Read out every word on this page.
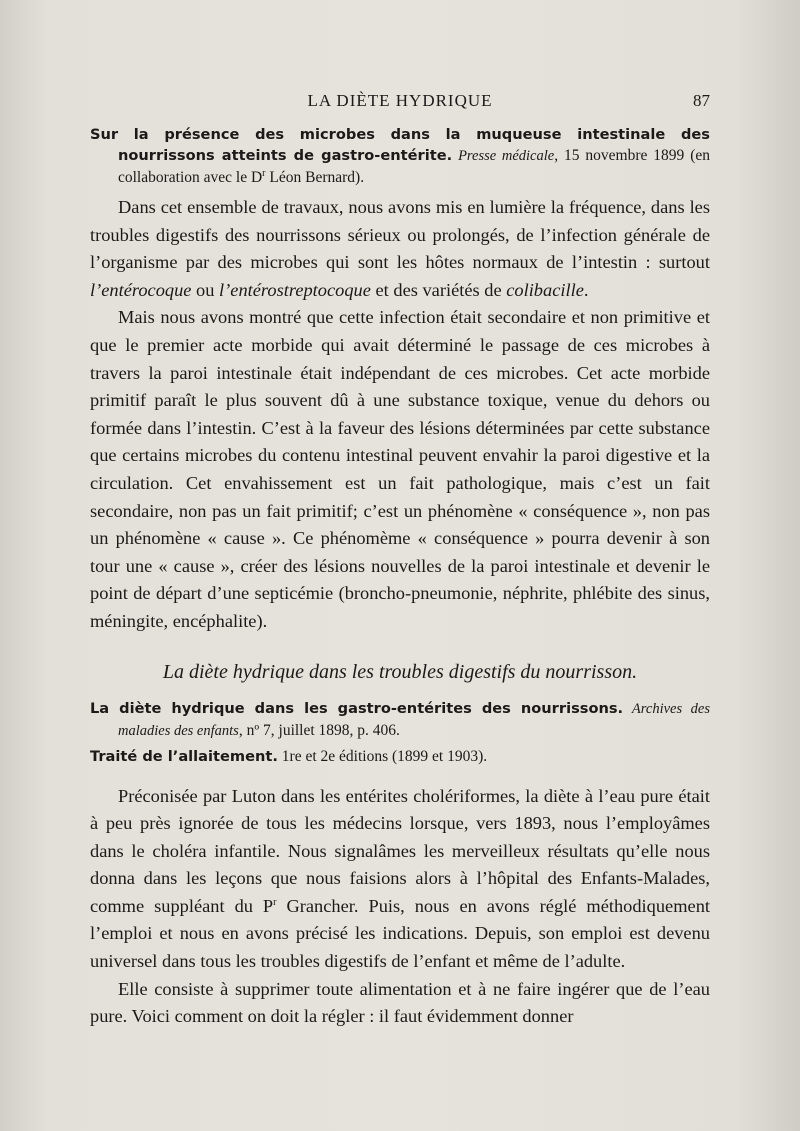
LA DIÈTE HYDRIQUE	87

Sur la présence des microbes dans la muqueuse intestinale des nourrissons atteints de gastro-entérite. Presse médicale, 15 novembre 1899 (en collaboration avec le $D^r$ Léon Bernard).

Dans cet ensemble de travaux, nous avons mis en lumière la fréquence, dans les troubles digestifs des nourrissons sérieux ou prolongés, de l’infection générale de l’organisme par des microbes qui sont les hôtes normaux de l’intestin : surtout l’entérocoque ou l’entérostreptocoque et des variétés de colibacille.

Mais nous avons montré que cette infection était secondaire et non primitive et que le premier acte morbide qui avait déterminé le passage de ces microbes à travers la paroi intestinale était indépendant de ces microbes. Cet acte morbide primitif paraît le plus souvent dû à une substance toxique, venue du dehors ou formée dans l’intestin. C’est à la faveur des lésions déterminées par cette substance que certains microbes du contenu intestinal peuvent envahir la paroi digestive et la circulation. Cet envahissement est un fait pathologique, mais c’est un fait secondaire, non pas un fait primitif; c’est un phénomène « conséquence », non pas un phénomène « cause ». Ce phénomème « conséquence » pourra devenir à son tour une « cause », créer des lésions nouvelles de la paroi intestinale et devenir le point de départ d’une septicémie (broncho-pneumonie, néphrite, phlébite des sinus, méningite, encéphalite).

La diète hydrique dans les troubles digestifs du nourrisson.

La diète hydrique dans les gastro-entérites des nourrissons. Archives des maladies des enfants, nº 7, juillet 1898, p. 406.

Traité de l’allaitement. 1re et 2e éditions (1899 et 1903).

Préconisée par Luton dans les entérites cholériformes, la diète à l’eau pure était à peu près ignorée de tous les médecins lorsque, vers 1893, nous l’employâmes dans le choléra infantile. Nous signalâmes les merveilleux résultats qu’elle nous donna dans les leçons que nous faisions alors à l’hôpital des Enfants-Malades, comme suppléant du $P^r$ Grancher. Puis, nous en avons réglé méthodiquement l’emploi et nous en avons précisé les indications. Depuis, son emploi est devenu universel dans tous les troubles digestifs de l’enfant et même de l’adulte.

Elle consiste à supprimer toute alimentation et à ne faire ingérer que de l’eau pure. Voici comment on doit la régler : il faut évidemment donner
